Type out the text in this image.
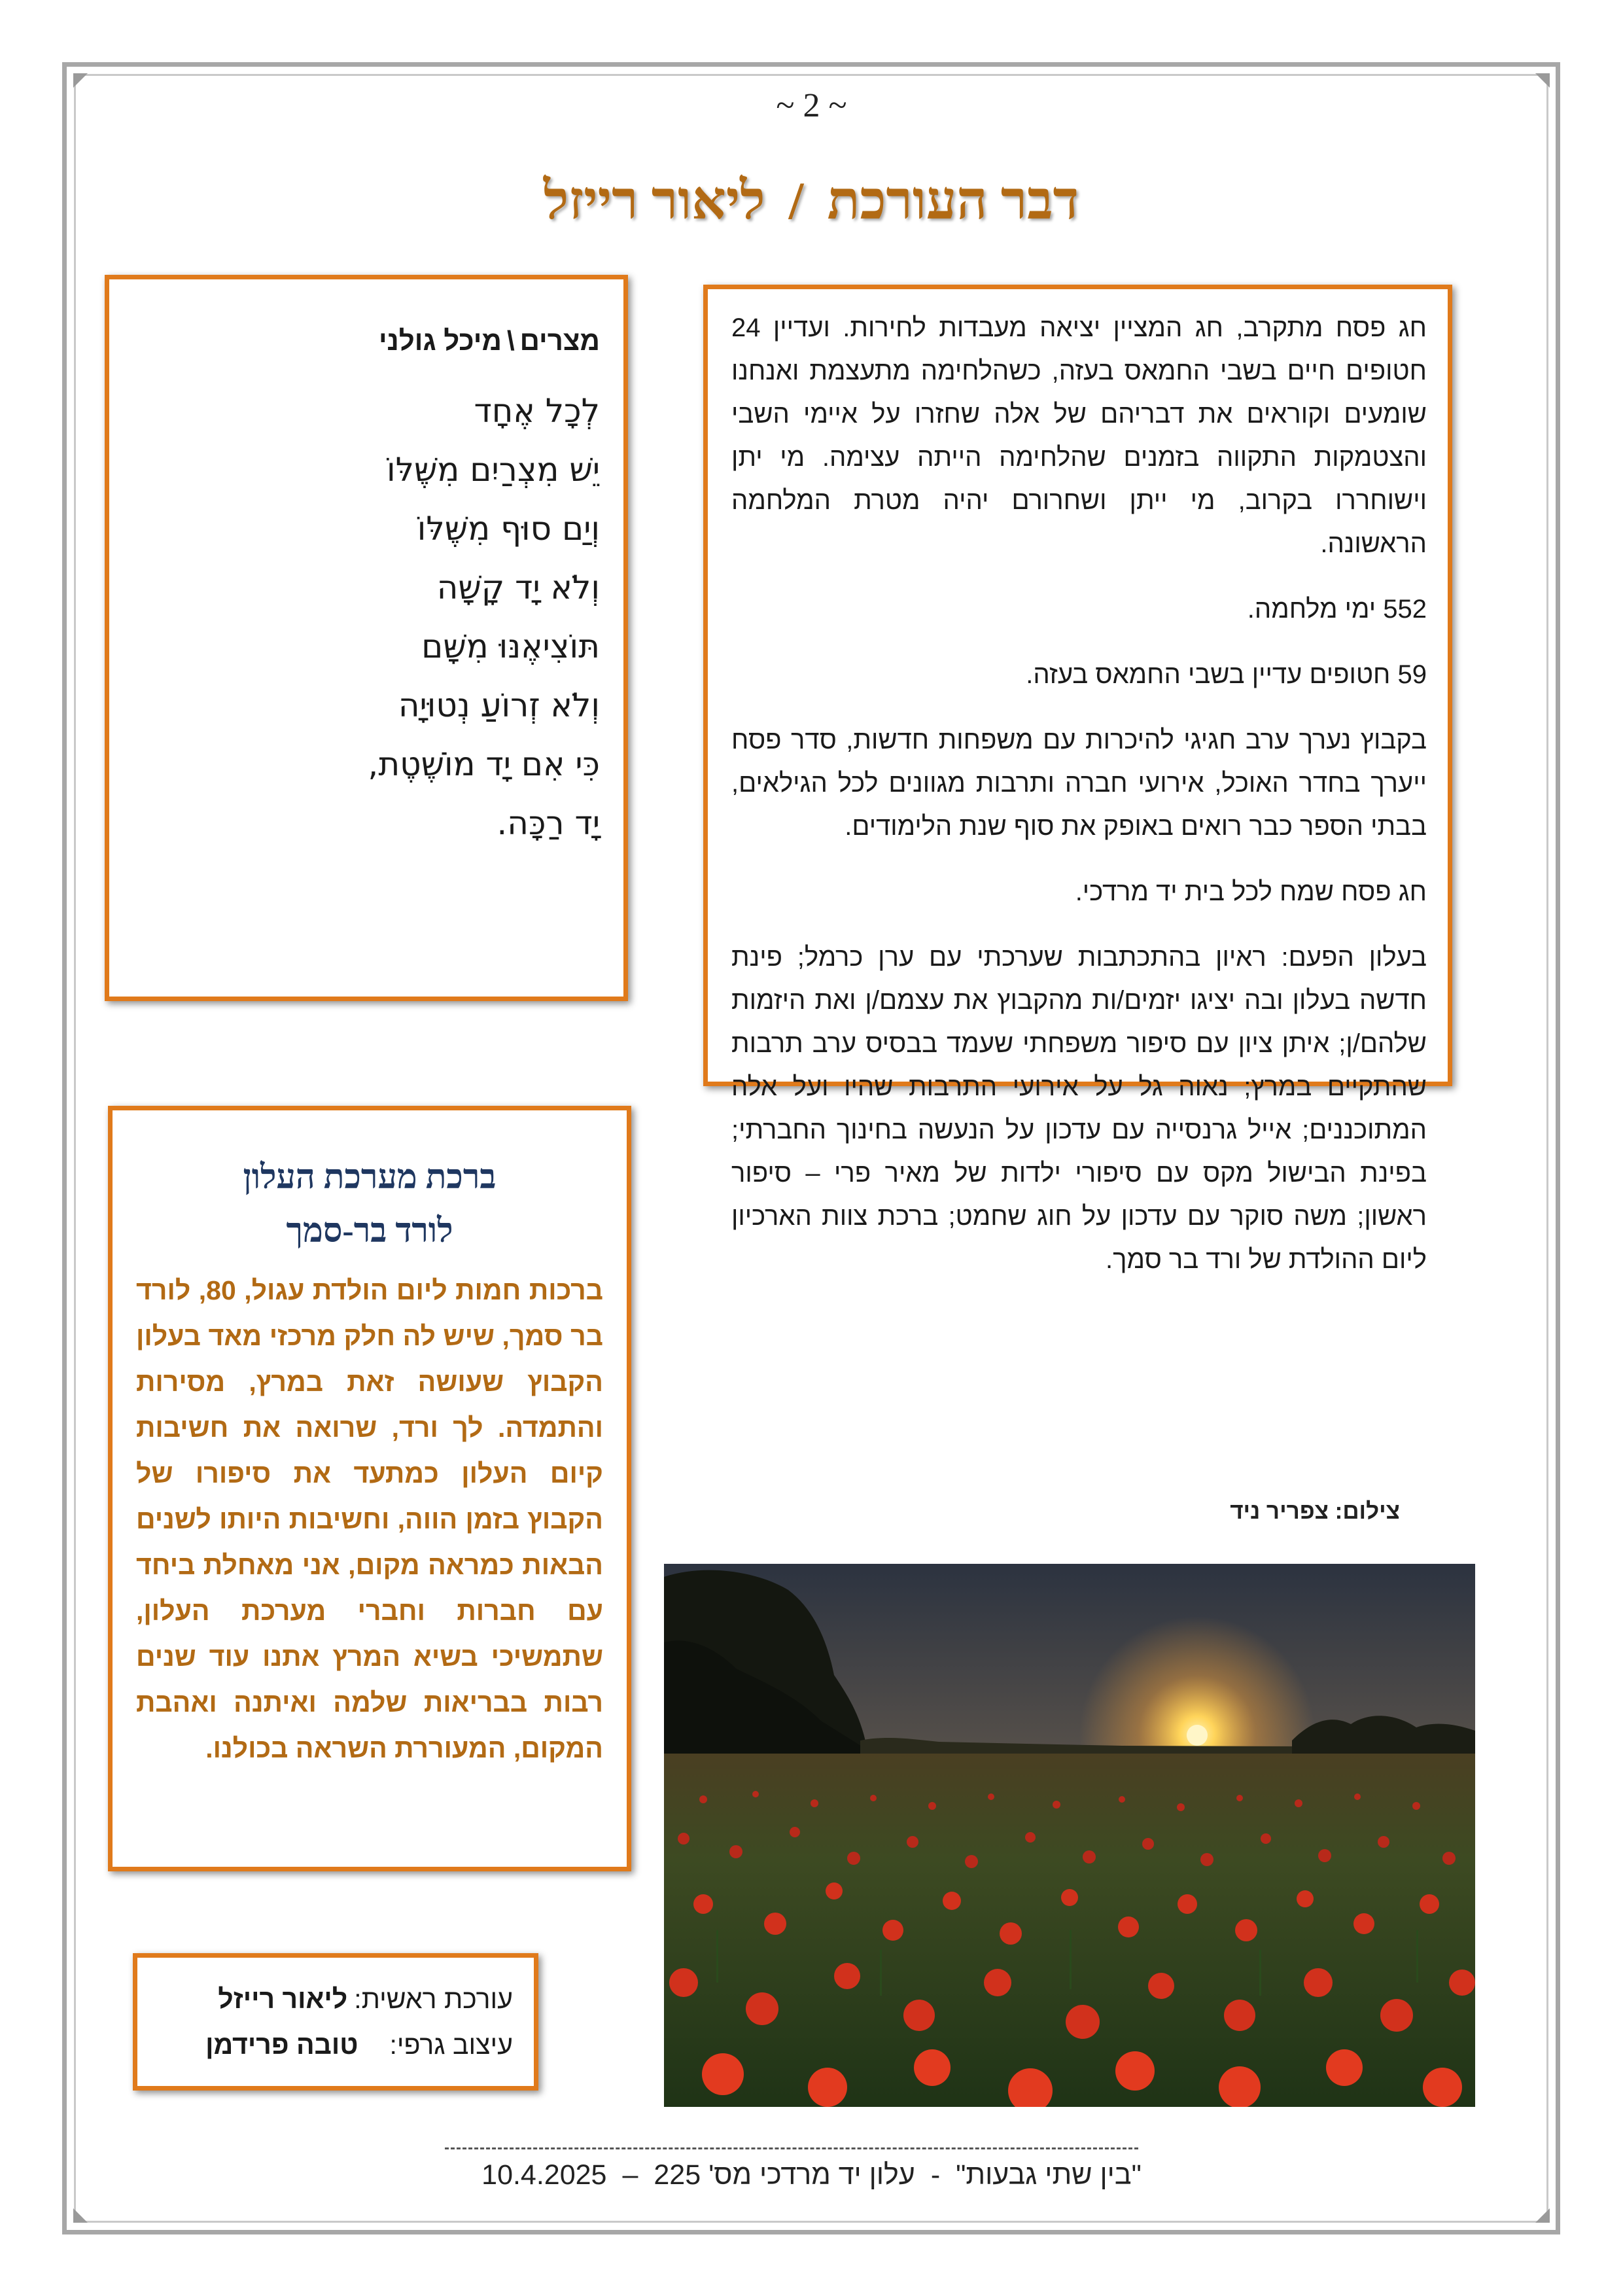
~ 2 ~
דבר העורכת/ליאור רייזל

חג פסח מתקרב, חג המציין יציאה מעבדות לחירות. ועדיין 24 חטופים חיים בשבי החמאס בעזה, כשהלחימה מתעצמת ואנחנו שומעים וקוראים את דבריהם של אלה שחזרו על איימי השבי והצטמקות התקווה בזמנים שהלחימה הייתה עצימה. מי יתן וישוחררו בקרוב, מי ייתן ושחרורם יהיה מטרת המלחמה הראשונה.

552 ימי מלחמה.

59 חטופים עדיין בשבי החמאס בעזה.

בקבוץ נערך ערב חגיגי להיכרות עם משפחות חדשות, סדר פסח ייערך בחדר האוכל, אירועי חברה ותרבות מגוונים לכל הגילאים, בבתי הספר כבר רואים באופק את סוף שנת הלימודים.

חג פסח שמח לכל בית יד מרדכי.

בעלון הפעם: ראיון בהתכתבות שערכתי עם ערן כרמל; פינת חדשה בעלון ובה יציגו יזמים/ות מהקבוץ את עצמם/ן ואת היזמות שלהם/ן; איתן ציון עם סיפור משפחתי שעמד בבסיס ערב תרבות שהתקיים במרץ; נאוה גל על אירועי התרבות שהיו ועל אלה המתוכננים; אייל גרנסייה עם עדכון על הנעשה בחינוך החברתי; בפינת הבישול מקס עם סיפורי ילדות של מאיר פרי – סיפור ראשון; משה סוקר עם עדכון על חוג שחמט; ברכת צוות הארכיון ליום ההולדת של ורד בר סמך.

מצרים\מיכל גולני
לְכָל אֶחָד
יֵשׁ מִצְרַיִם מִשֶּׁלּוֹ
וְיַם סוּף מִשֶּׁלּוֹ
וְלֹא יָד קָשָׁה
תּוֹצִיאֶנּוּ מִשָּׁם
וְלֹא זְרוֹעַ נְטוּיָה
כִּי אִם יָד מוֹשֶׁטֶת,
יָד רַכָּה.
ברכת מערכת העלון
לורד בר-סמך
ברכות חמות ליום הולדת עגול, 80, לורד בר סמך, שיש לה חלק מרכזי מאד בעלון הקבוץ שעושה זאת במרץ, מסירות והתמדה. לך ורד, שרואה את חשיבות קיום העלון כמתעד את סיפורו של הקבוץ בזמן הווה, וחשיבות היותו לשנים הבאות כמראה מקום, אני מאחלת ביחד עם חברות וחברי מערכת העלון, שתמשיכי בשיא המרץ אתנו עוד שנים רבות בבריאות שלמה ואיתנה ואהבת המקום, המעוררת השראה בכולנו.
עורכת ראשית:ליאור רייזל
עיצוב גרפי:טובה פרידמן
צילום: צפריר ניד
"בין שתי גבעות"-עלון יד מרדכי מס' 225–10.4.2025
